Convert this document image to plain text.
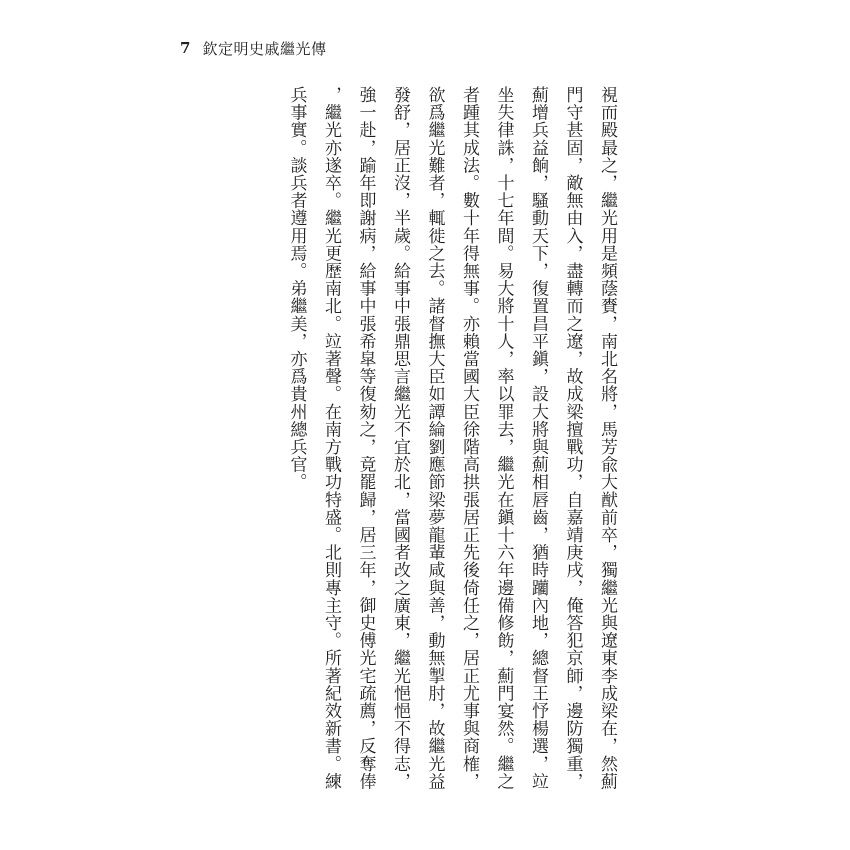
7 欽定明史戚繼光傳
視而殿最之，繼光用是頻蔭賚，南北名將，馬芳兪大猷前卒，獨繼光與遼東李成梁在，然薊
門守甚固，敵無由入，盡轉而之遼，故成梁擅戰功，自嘉靖庚戌，俺答犯京師，邊防獨重，
薊增兵益餉，騷動天下，復置昌平鎭，設大將與薊相唇齒，猶時躪內地，總督王忬楊選，竝
坐失律誅，十七年間。易大將十人，率以罪去，繼光在鎭十六年邊備修飭，薊門宴然。繼之
者踵其成法。數十年得無事。亦賴當國大臣徐階高拱張居正先後倚任之，居正尤事與商榷，
欲爲繼光難者，輒徙之去。諸督撫大臣如譚綸劉應節梁夢龍輩咸與善，動無掣肘，故繼光益
發舒，居正沒，半歲。給事中張鼎思言繼光不宜於北，當國者改之廣東，繼光悒悒不得志，
強一赴，踰年即謝病，給事中張希皐等復劾之，竟罷歸，居三年，御史傅光宅疏薦，反奪俸
，繼光亦遂卒。繼光更歷南北。竝著聲。在南方戰功特盛。北則專主守。所著紀效新書。練
兵事實。談兵者遵用焉。弟繼美，亦爲貴州總兵官。
